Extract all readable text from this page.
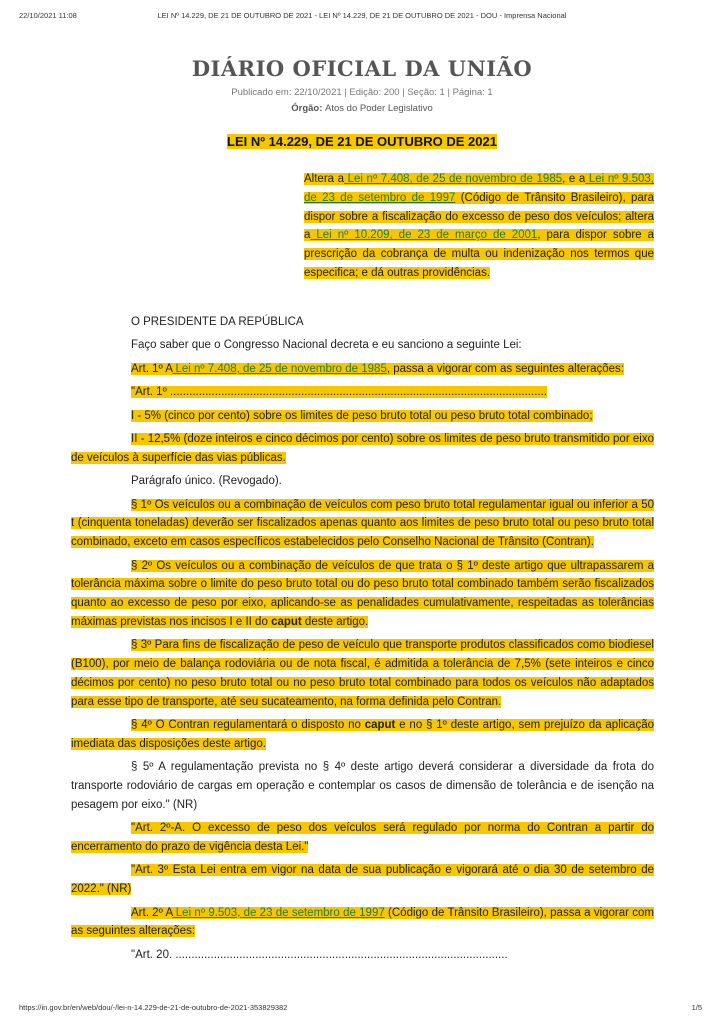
22/10/2021 11:08	LEI Nº 14.229, DE 21 DE OUTUBRO DE 2021 - LEI Nº 14.229, DE 21 DE OUTUBRO DE 2021 - DOU - Imprensa Nacional
DIÁRIO OFICIAL DA UNIÃO
Publicado em: 22/10/2021 | Edição: 200 | Seção: 1 | Página: 1
Órgão: Atos do Poder Legislativo
LEI Nº 14.229, DE 21 DE OUTUBRO DE 2021
Altera a Lei nº 7.408, de 25 de novembro de 1985, e a Lei nº 9.503, de 23 de setembro de 1997 (Código de Trânsito Brasileiro), para dispor sobre a fiscalização do excesso de peso dos veículos; altera a Lei nº 10.209, de 23 de março de 2001, para dispor sobre a prescrição da cobrança de multa ou indenização nos termos que especifica; e dá outras providências.

O PRESIDENTE DA REPÚBLICA

Faço saber que o Congresso Nacional decreta e eu sanciono a seguinte Lei:

Art. 1º A Lei nº 7.408, de 25 de novembro de 1985, passa a vigorar com as seguintes alterações:

"Art. 1º ......................................................................................................................

I - 5% (cinco por cento) sobre os limites de peso bruto total ou peso bruto total combinado;

II - 12,5% (doze inteiros e cinco décimos por cento) sobre os limites de peso bruto transmitido por eixo de veículos à superfície das vias públicas.

Parágrafo único. (Revogado).

§ 1º Os veículos ou a combinação de veículos com peso bruto total regulamentar igual ou inferior a 50 t (cinquenta toneladas) deverão ser fiscalizados apenas quanto aos limites de peso bruto total ou peso bruto total combinado, exceto em casos específicos estabelecidos pelo Conselho Nacional de Trânsito (Contran).

§ 2º Os veículos ou a combinação de veículos de que trata o § 1º deste artigo que ultrapassarem a tolerância máxima sobre o limite do peso bruto total ou do peso bruto total combinado também serão fiscalizados quanto ao excesso de peso por eixo, aplicando-se as penalidades cumulativamente, respeitadas as tolerâncias máximas previstas nos incisos I e II do caput deste artigo.

§ 3º Para fins de fiscalização de peso de veículo que transporte produtos classificados como biodiesel (B100), por meio de balança rodoviária ou de nota fiscal, é admitida a tolerância de 7,5% (sete inteiros e cinco décimos por cento) no peso bruto total ou no peso bruto total combinado para todos os veículos não adaptados para esse tipo de transporte, até seu sucateamento, na forma definida pelo Contran.

§ 4º O Contran regulamentará o disposto no caput e no § 1º deste artigo, sem prejuízo da aplicação imediata das disposições deste artigo.

§ 5º A regulamentação prevista no § 4º deste artigo deverá considerar a diversidade da frota do transporte rodoviário de cargas em operação e contemplar os casos de dimensão de tolerância e de isenção na pesagem por eixo." (NR)

"Art. 2º-A. O excesso de peso dos veículos será regulado por norma do Contran a partir do encerramento do prazo de vigência desta Lei."

"Art. 3º Esta Lei entra em vigor na data de sua publicação e vigorará até o dia 30 de setembro de 2022." (NR)

Art. 2º A Lei nº 9.503, de 23 de setembro de 1997 (Código de Trânsito Brasileiro), passa a vigorar com as seguintes alterações:

"Art. 20. ........................................................................................................

https://in.gov.br/en/web/dou/-/lei-n-14.229-de-21-de-outubro-de-2021-353829382	1/5
